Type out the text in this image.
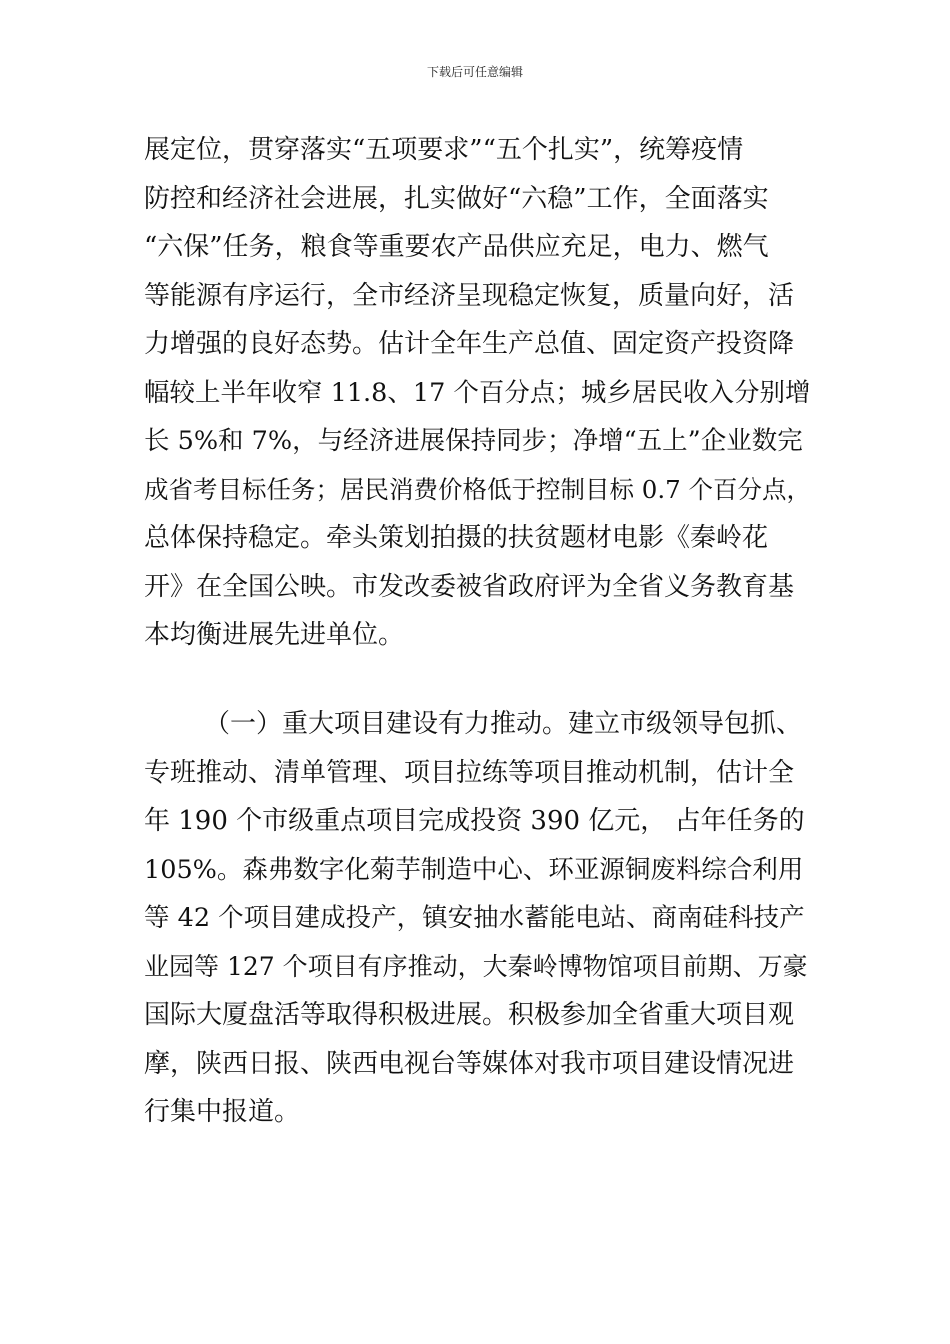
下载后可任意编辑
展定位，贯穿落实“五项要求”“五个扎实”，统筹疫情
防控和经济社会进展，扎实做好“六稳”工作，全面落实
“六保”任务，粮食等重要农产品供应充足，电力、燃气
等能源有序运行，全市经济呈现稳定恢复，质量向好，活
力增强的良好态势。估计全年生产总值、固定资产投资降
幅较上半年收窄 11.8、17 个百分点；城乡居民收入分别增
长 5%和 7%，与经济进展保持同步；净增“五上”企业数完
成省考目标任务；居民消费价格低于控制目标 0.7 个百分点，
总体保持稳定。牵头策划拍摄的扶贫题材电影《秦岭花
开》在全国公映。市发改委被省政府评为全省义务教育基
本均衡进展先进单位。
（一）重大项目建设有力推动。建立市级领导包抓、
专班推动、清单管理、项目拉练等项目推动机制，估计全
年 190 个市级重点项目完成投资 390 亿元， 占年任务的
105%。森弗数字化菊芋制造中心、环亚源铜废料综合利用
等 42 个项目建成投产，镇安抽水蓄能电站、商南硅科技产
业园等 127 个项目有序推动，大秦岭博物馆项目前期、万豪
国际大厦盘活等取得积极进展。积极参加全省重大项目观
摩，陕西日报、陕西电视台等媒体对我市项目建设情况进
行集中报道。
